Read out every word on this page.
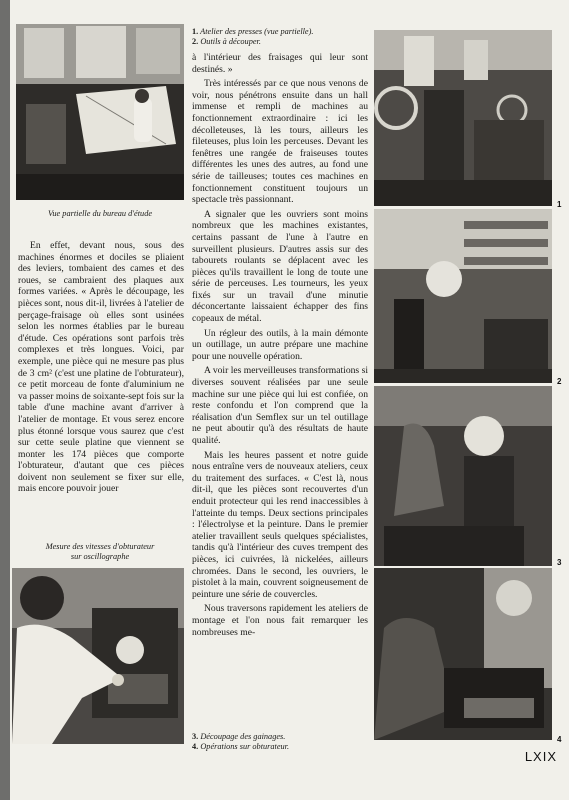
Vue partielle du bureau d'étude

En effet, devant nous, sous des machines énormes et dociles se pliaient des leviers, tombaient des cames et des roues, se cambraient des plaques aux formes variées. « Après le découpage, les pièces sont, nous dit-il, livrées à l'atelier de perçage-fraisage où elles sont usinées selon les normes établies par le bureau d'étude. Ces opérations sont parfois très complexes et très longues. Voici, par exemple, une pièce qui ne mesure pas plus de 3 cm² (c'est une platine de l'obturateur), ce petit morceau de fonte d'aluminium ne va passer moins de soixante-sept fois sur la table d'une machine avant d'arriver à l'atelier de montage. Et vous serez encore plus étonné lorsque vous saurez que c'est sur cette seule platine que viennent se monter les 174 pièces que comporte l'obturateur, d'autant que ces pièces doivent non seulement se fixer sur elle, mais encore pouvoir jouer

Mesure des vitesses d'obturateur
sur oscillographe
1. Atelier des presses (vue partielle).
2. Outils à découper.

à l'intérieur des fraisages qui leur sont destinés. »

Très intéressés par ce que nous venons de voir, nous pénétrons ensuite dans un hall immense et rempli de machines au fonctionnement extraordinaire : ici les décolleteuses, là les tours, ailleurs les fileteuses, plus loin les perceuses. Devant les fenêtres une rangée de fraiseuses toutes différentes les unes des autres, au fond une série de tailleuses; toutes ces machines en fonctionnement constituent toujours un spectacle très passionnant.

A signaler que les ouvriers sont moins nombreux que les machines existantes, certains passant de l'une à l'autre en surveillent plusieurs. D'autres assis sur des tabourets roulants se déplacent avec les pièces qu'ils travaillent le long de toute une série de perceuses. Les tourneurs, les yeux fixés sur un travail d'une minutie déconcertante laissaient échapper des fins copeaux de métal.

Un régleur des outils, à la main démonte un outillage, un autre prépare une machine pour une nouvelle opération.

A voir les merveilleuses transformations si diverses souvent réalisées par une seule machine sur une pièce qui lui est confiée, on reste confondu et l'on comprend que la réalisation d'un Semflex sur un tel outillage ne peut aboutir qu'à des résultats de haute qualité.

Mais les heures passent et notre guide nous entraîne vers de nouveaux ateliers, ceux du traitement des surfaces. « C'est là, nous dit-il, que les pièces sont recouvertes d'un enduit protecteur qui les rend inaccessibles à l'atteinte du temps. Deux sections principales : l'électrolyse et la peinture. Dans le premier atelier travaillent seuls quelques spécialistes, tandis qu'à l'intérieur des cuves trempent des pièces, ici cuivrées, là nickelées, ailleurs chromées. Dans le second, les ouvriers, le pistolet à la main, couvrent soigneusement de peinture une série de couvercles.

Nous traversons rapidement les ateliers de montage et l'on nous fait remarquer les nombreuses me-

3. Découpage des gainages.
4. Opérations sur obturateur.
1
2
3
4
LXIX
